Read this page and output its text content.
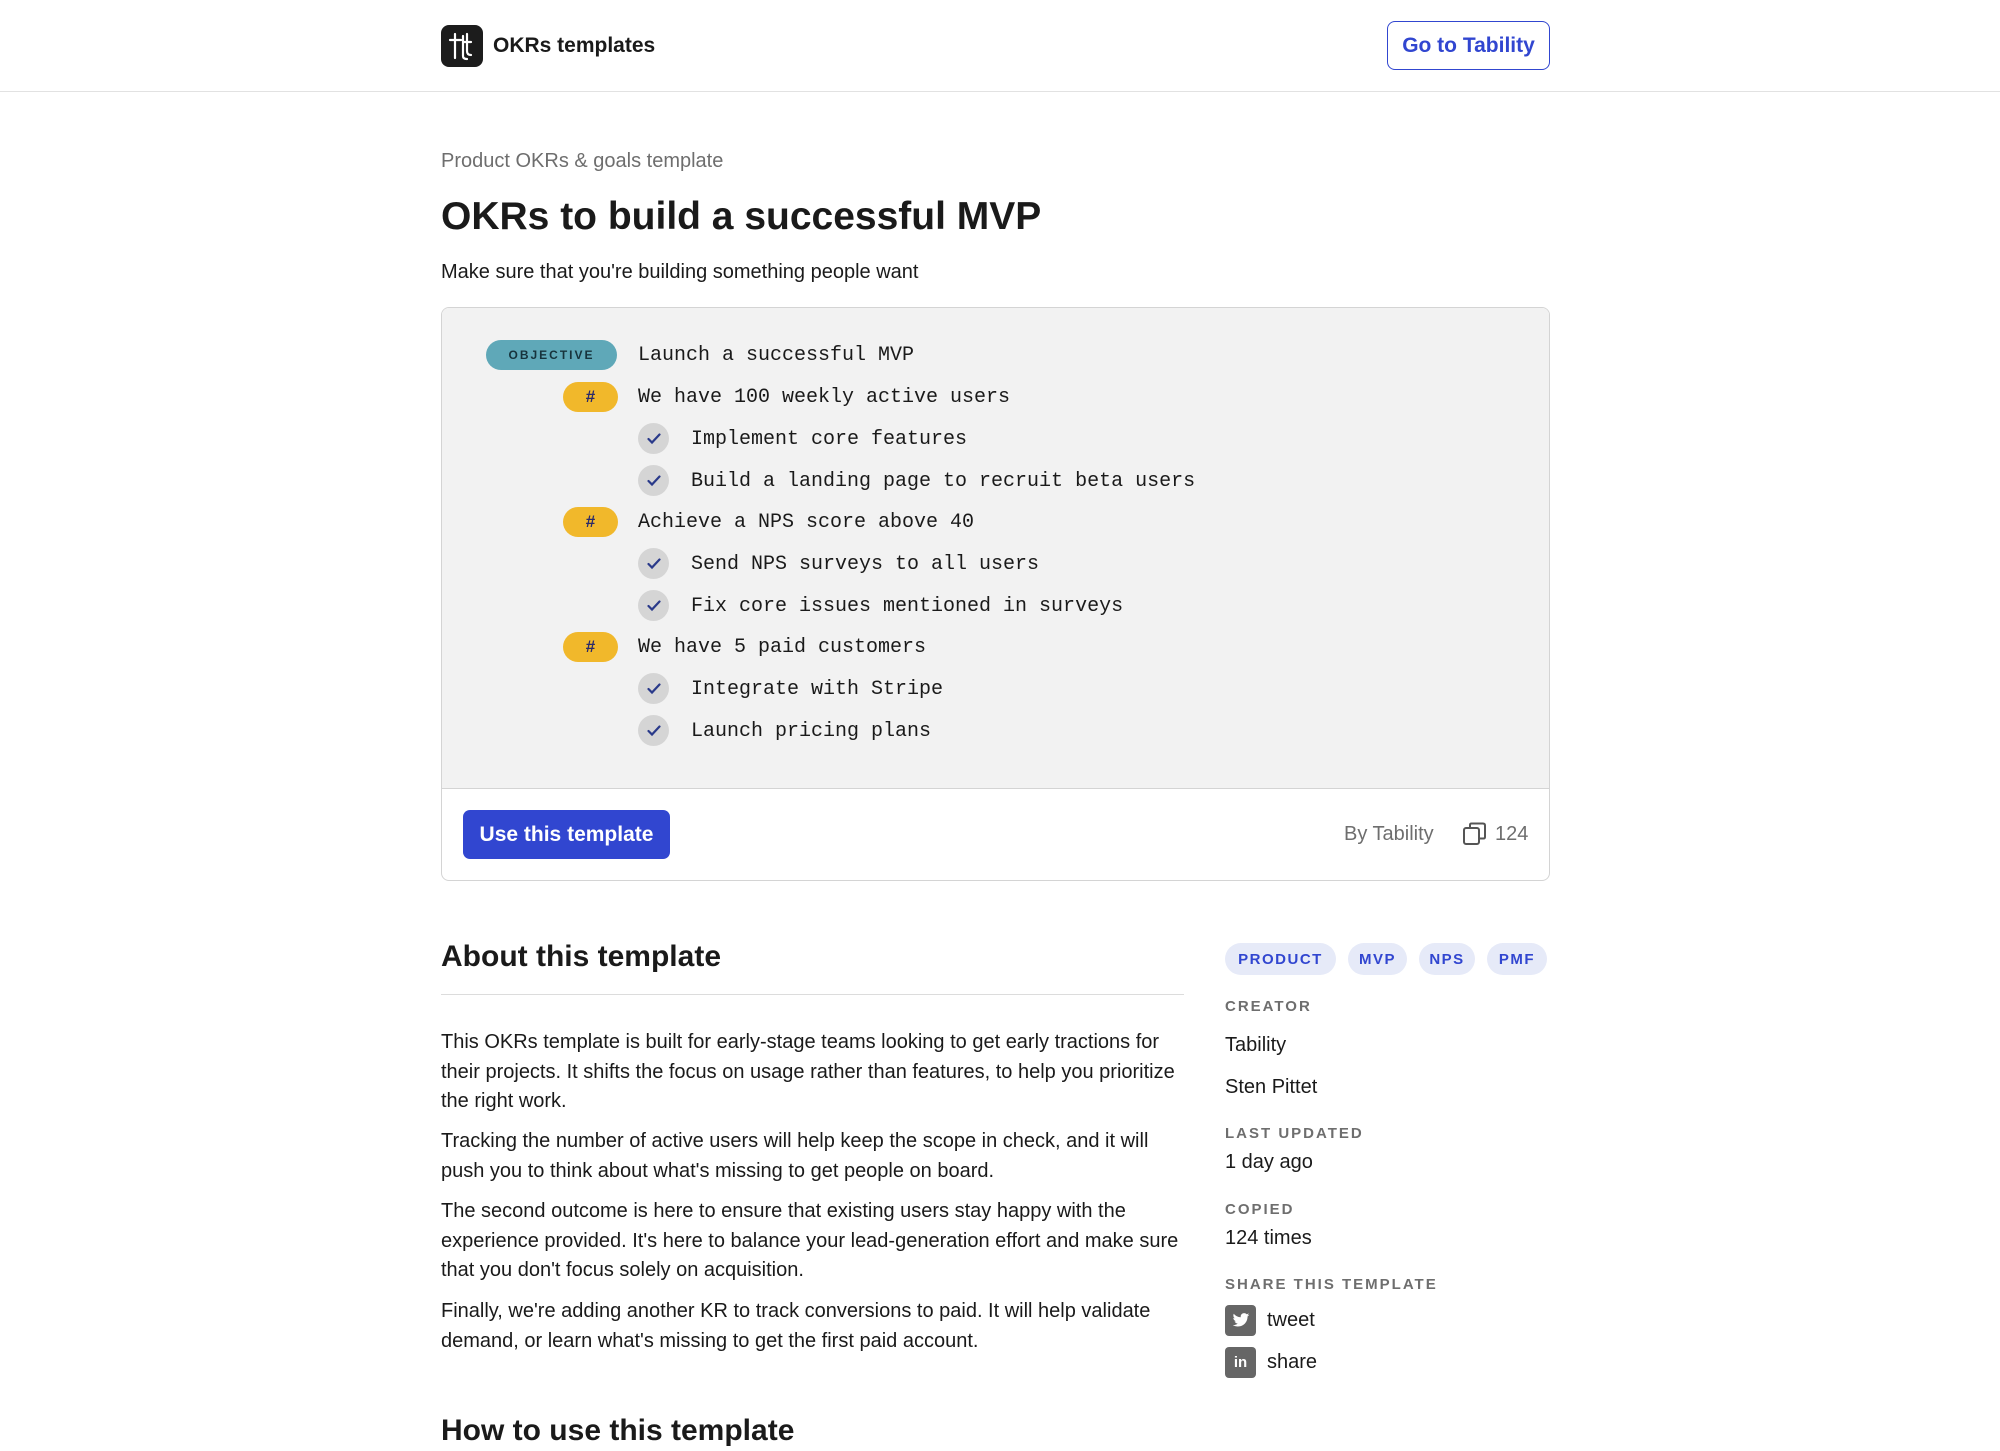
OKRs templates	Go to Tability
Product OKRs & goals template
OKRs to build a successful MVP
Make sure that you're building something people want
OBJECTIVE	Launch a successful MVP
#	We have 100 weekly active users
Implement core features
Build a landing page to recruit beta users
#	Achieve a NPS score above 40
Send NPS surveys to all users
Fix core issues mentioned in surveys
#	We have 5 paid customers
Integrate with Stripe
Launch pricing plans
Use this template	By Tability	124
About this template

This OKRs template is built for early-stage teams looking to get early tractions for their projects. It shifts the focus on usage rather than features, to help you prioritize the right work.

Tracking the number of active users will help keep the scope in check, and it will push you to think about what's missing to get people on board.

The second outcome is here to ensure that existing users stay happy with the experience provided. It's here to balance your lead-generation effort and make sure that you don't focus solely on acquisition.

Finally, we're adding another KR to track conversions to paid. It will help validate demand, or learn what's missing to get the first paid account.

PRODUCT	MVP	NPS	PMF
CREATOR
Tability
Sten Pittet
LAST UPDATED
1 day ago
COPIED
124 times
SHARE THIS TEMPLATE
tweet
in share
How to use this template
